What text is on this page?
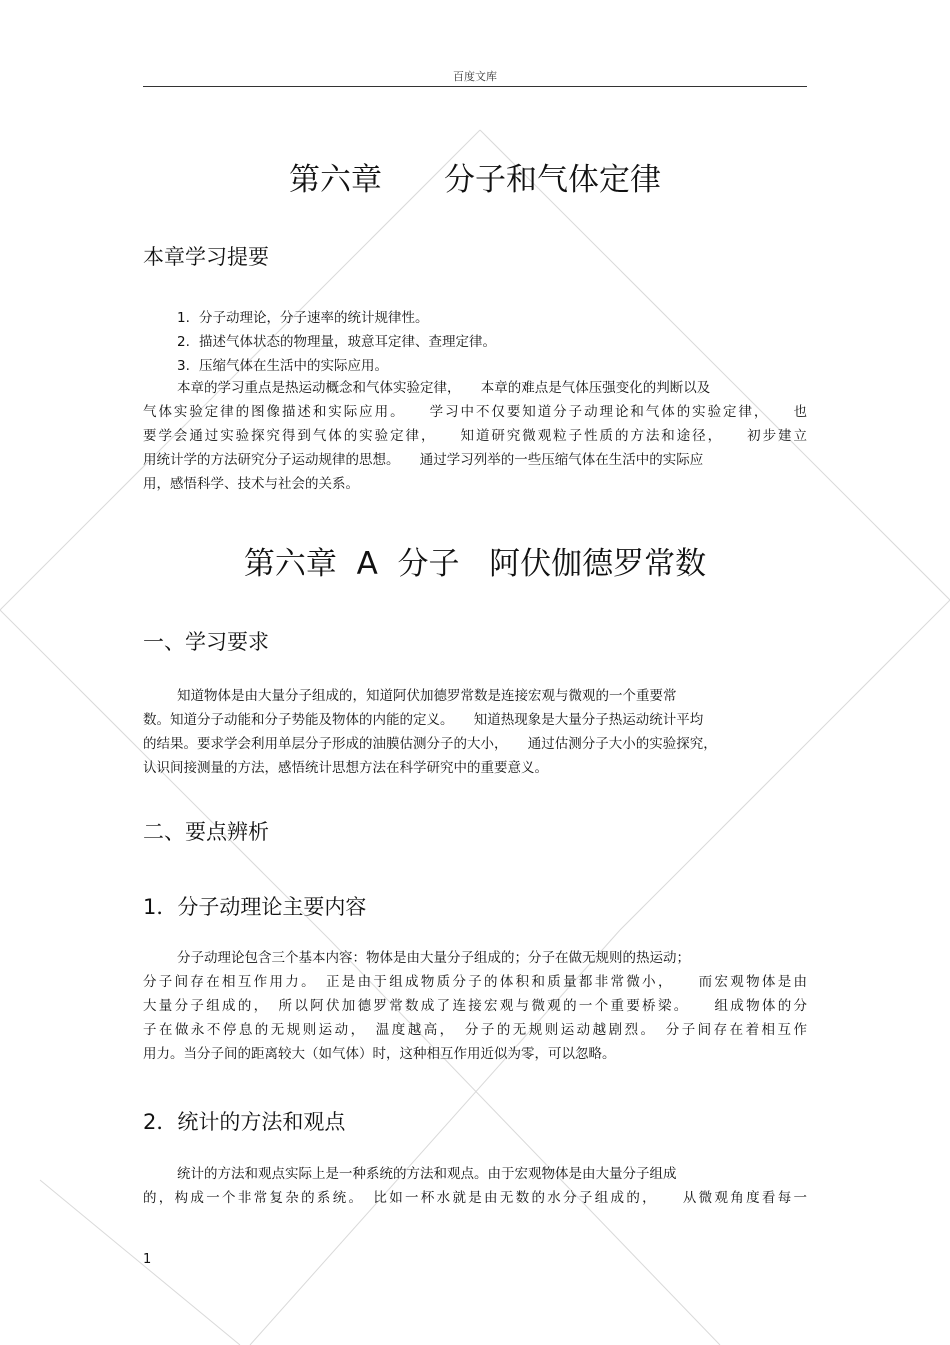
百度文库
第六章　　分子和气体定律
本章学习提要
1. 分子动理论，分子速率的统计规律性。
2. 描述气体状态的物理量，玻意耳定律、查理定律。
3. 压缩气体在生活中的实际应用。
本章的学习重点是热运动概念和气体实验定律，　　本章的难点是气体压强变化的判断以及
气体实验定律的图像描述和实际应用。　　学习中不仅要知道分子动理论和气体的实验定律，　　也
要学会通过实验探究得到气体的实验定律，　　知道研究微观粒子性质的方法和途径，　　初步建立
用统计学的方法研究分子运动规律的思想。　　通过学习列举的一些压缩气体在生活中的实际应
用，感悟科学、技术与社会的关系。
第六章  A  分子   阿伏伽德罗常数
一、学习要求
知道物体是由大量分子组成的，知道阿伏加德罗常数是连接宏观与微观的一个重要常
数。知道分子动能和分子势能及物体的内能的定义。　　知道热现象是大量分子热运动统计平均
的结果。要求学会利用单层分子形成的油膜估测分子的大小，　　通过估测分子大小的实验探究，
认识间接测量的方法，感悟统计思想方法在科学研究中的重要意义。
二、要点辨析
1．分子动理论主要内容
分子动理论包含三个基本内容：物体是由大量分子组成的；分子在做无规则的热运动；
分子间存在相互作用力。　正是由于组成物质分子的体积和质量都非常微小，　　而宏观物体是由
大量分子组成的，　所以阿伏加德罗常数成了连接宏观与微观的一个重要桥梁。　　组成物体的分
子在做永不停息的无规则运动，　温度越高，　分子的无规则运动越剧烈。　分子间存在着相互作
用力。当分子间的距离较大（如气体）时，这种相互作用近似为零，可以忽略。
2．统计的方法和观点
统计的方法和观点实际上是一种系统的方法和观点。由于宏观物体是由大量分子组成
的，构成一个非常复杂的系统。　比如一杯水就是由无数的水分子组成的，　　从微观角度看每一
1
